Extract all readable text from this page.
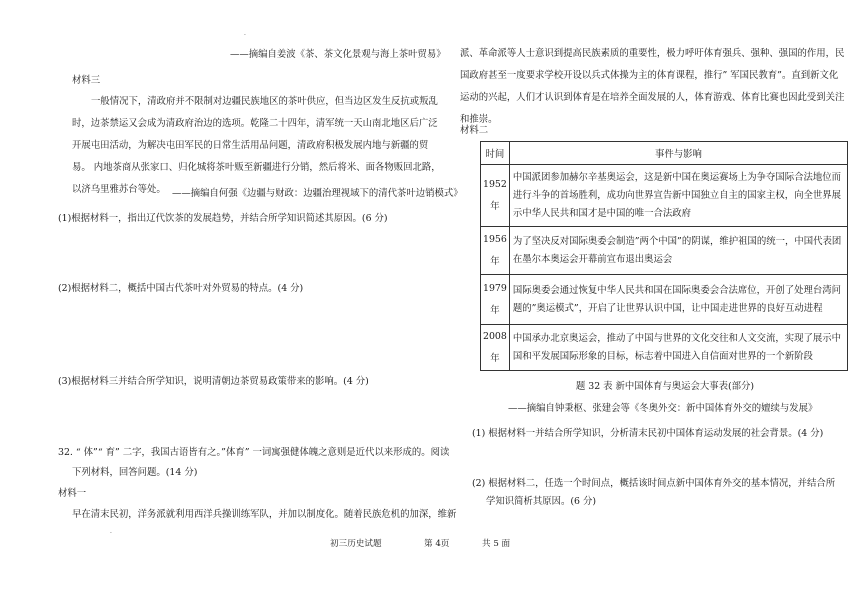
·
——摘编自姜波《茶、茶文化景观与海上茶叶贸易》
材料三
一般情况下，清政府并不限制对边疆民族地区的茶叶供应，但当边区发生反抗或叛乱时，边茶禁运又会成为清政府治边的选项。乾隆二十四年，清军统一天山南北地区后广泛开展屯田活动，为解决屯田军民的日常生活用品问题，清政府积极发展内地与新疆的贸易。 内地茶商从张家口、归化城将茶叶贩至新疆进行分销，然后将米、面各物贩回北路，以济乌里雅苏台等处。 ——摘编自何强《边疆与财政：边疆治理视域下的清代茶叶边销模式》
(1)根据材料一，指出辽代饮茶的发展趋势，并结合所学知识简述其原因。(6 分)
(2)根据材料二，概括中国古代茶叶对外贸易的特点。(4 分)
(3)根据材料三并结合所学知识，说明清朝边茶贸易政策带来的影响。(4 分)
32. “ 体”“ 育” 二字，我国古语皆有之。”体育” 一词寓强健体魄之意则是近代以来形成的。阅读
下列材料，回答问题。(14 分)
材料一
早在清末民初，洋务派就利用西洋兵操训练军队，并加以制度化。随着民族危机的加深，维新
·
派、革命派等人士意识到提高民族素质的重要性，极力呼吁体育强兵、强种、强国的作用，民国政府甚至一度要求学校开设以兵式体操为主的体育课程，推行” 军国民教育”。直到新文化运动的兴起，人们才认识到体育是在培养全面发展的人，体育游戏、体育比赛也因此受到关注和推崇。
材料二
时间	事件与影响

1952
年	中国派团参加赫尔辛基奥运会，这是新中国在奥运赛场上为争夺国际合法地位而进行斗争的首场胜利，成功向世界宣告新中国独立自主的国家主权，向全世界展示中华人民共和国才是中国的唯一合法政府

1956
年	为了坚决反对国际奥委会制造”两个中国”的阴谋，维护祖国的统一，中国代表团在墨尔本奥运会开幕前宣布退出奥运会

1979
年	国际奥委会通过恢复中华人民共和国在国际奥委会合法席位，开创了处理台湾问题的”奥运模式”，开启了让世界认识中国，让中国走进世界的良好互动进程

2008
年	中国承办北京奥运会，推动了中国与世界的文化交往和人文交流，实现了展示中国和平发展国际形象的目标，标志着中国进入自信面对世界的一个新阶段
题 32 表 新中国体育与奥运会大事表(部分)
——摘编自钟秉枢、张建会等《冬奥外交：新中国体育外交的嬗续与发展》
(1) 根据材料一并结合所学知识，分析清末民初中国体育运动发展的社会背景。(4 分)
(2) 根据材料二，任选一个时间点，概括该时间点新中国体育外交的基本情况，并结合所
学知识简析其原因。(6 分)
初三历史试题	第 4页	共 5 面
